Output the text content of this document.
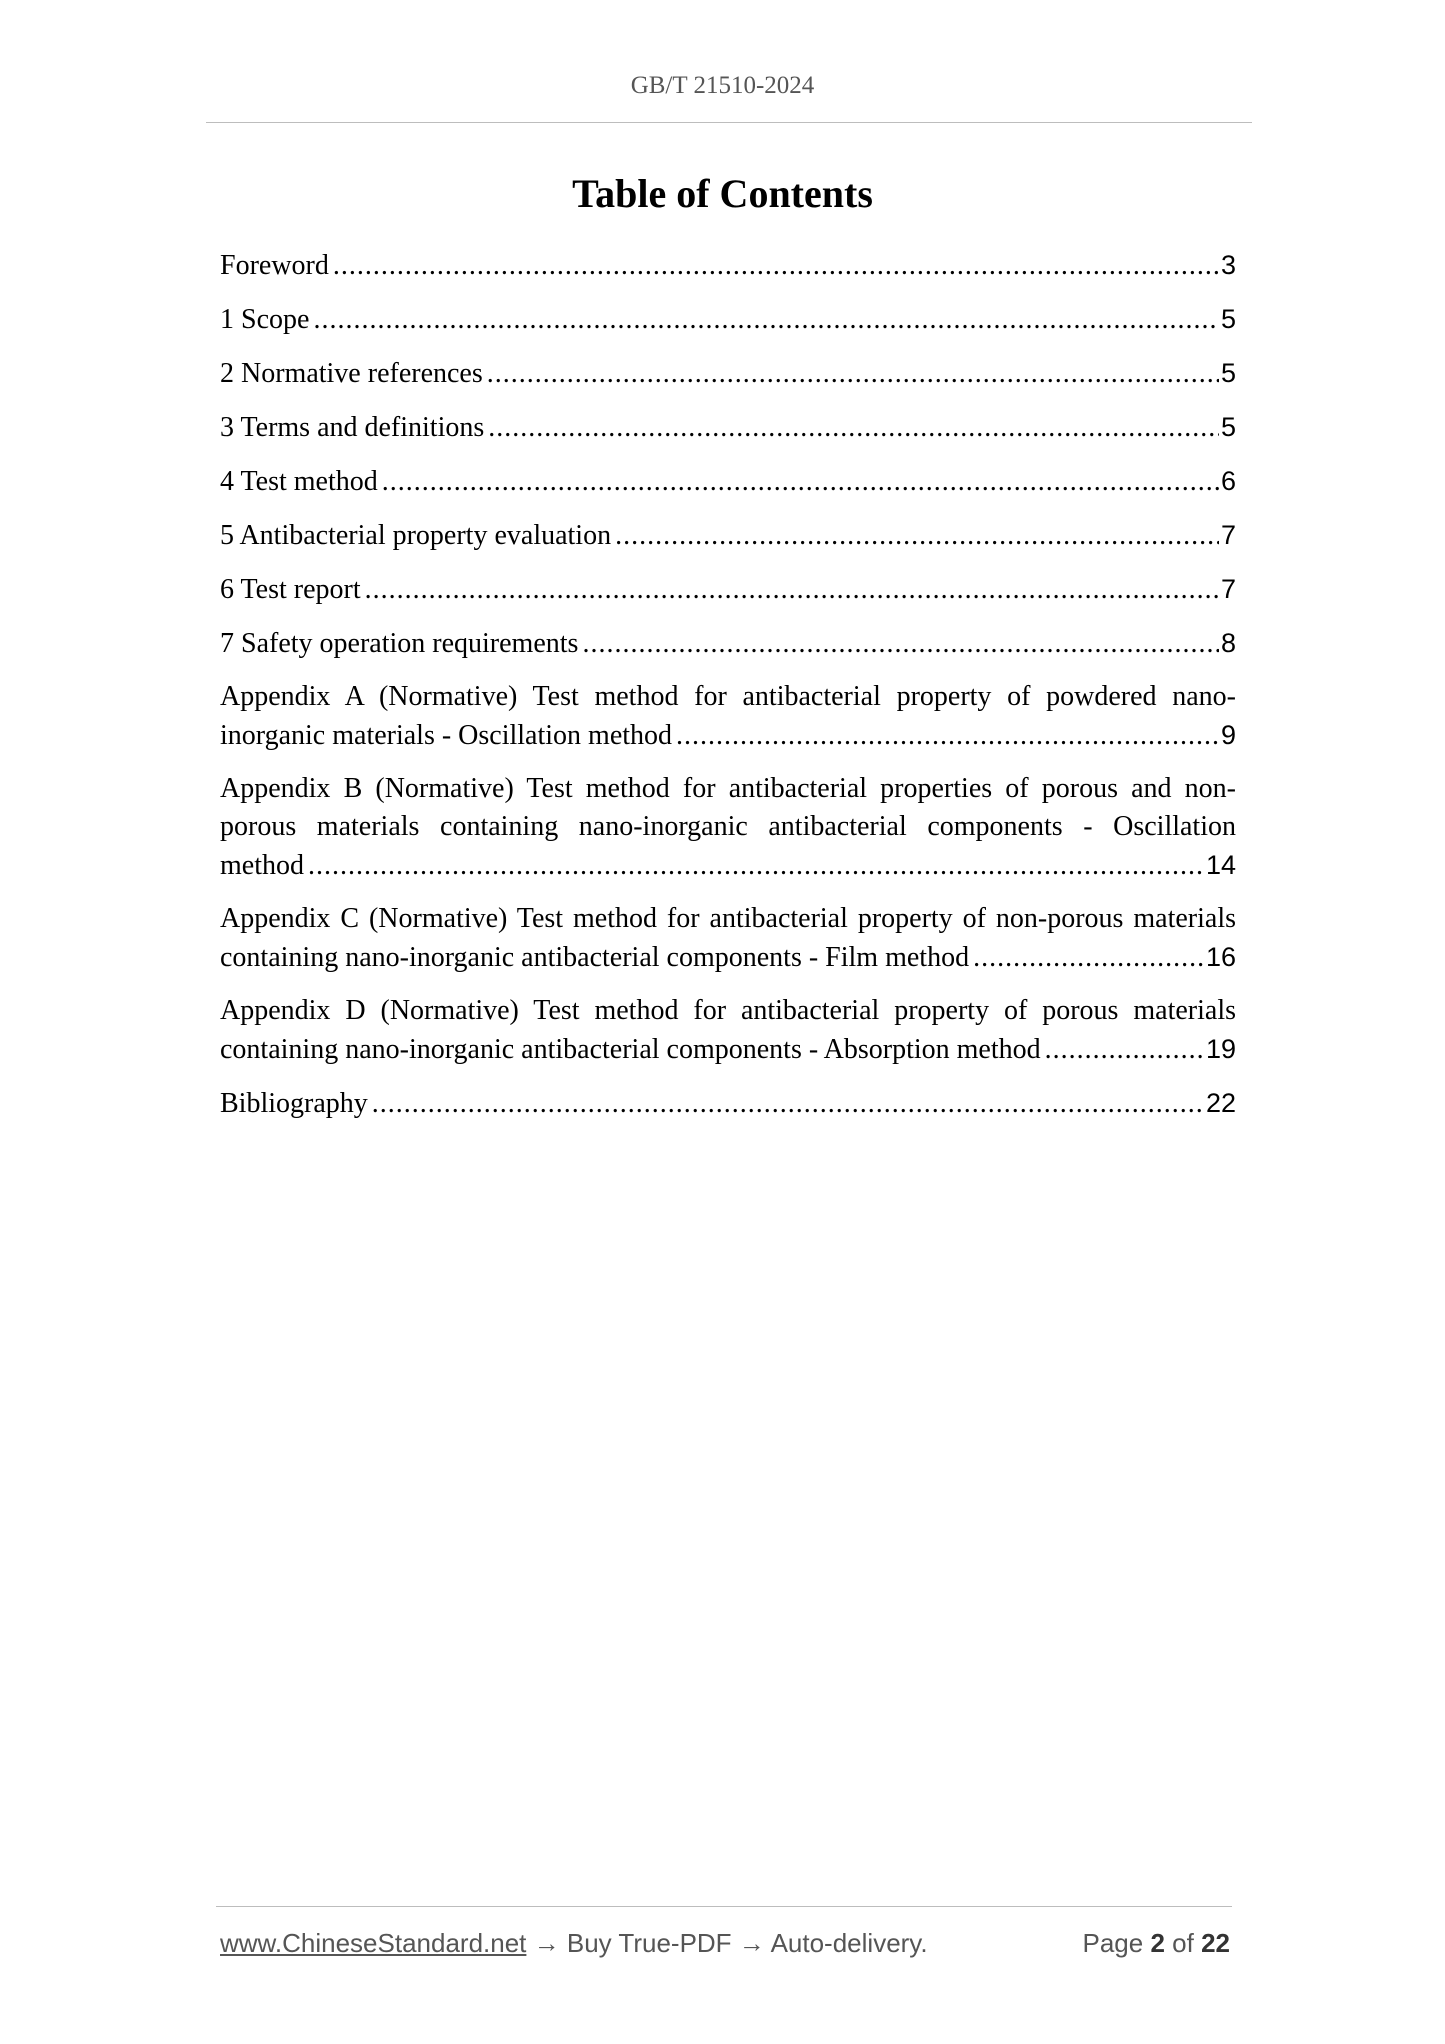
GB/T 21510-2024
Table of Contents
Foreword .....	3
1 Scope .....	5
2 Normative references .....	5
3 Terms and definitions .....	5
4 Test method .....	6
5 Antibacterial property evaluation .....	7
6 Test report .....	7
7 Safety operation requirements .....	8
Appendix A (Normative) Test method for antibacterial property of powdered nano-
inorganic materials - Oscillation method .....	9
Appendix B (Normative) Test method for antibacterial properties of porous and non-
porous materials containing nano-inorganic antibacterial components - Oscillation
method .....	14
Appendix C (Normative) Test method for antibacterial property of non-porous materials
containing nano-inorganic antibacterial components - Film method .....	16
Appendix D (Normative) Test method for antibacterial property of porous materials
containing nano-inorganic antibacterial components - Absorption method .....	19
Bibliography .....	22
www.ChineseStandard.net → Buy True-PDF → Auto-delivery.	Page 2 of 22
